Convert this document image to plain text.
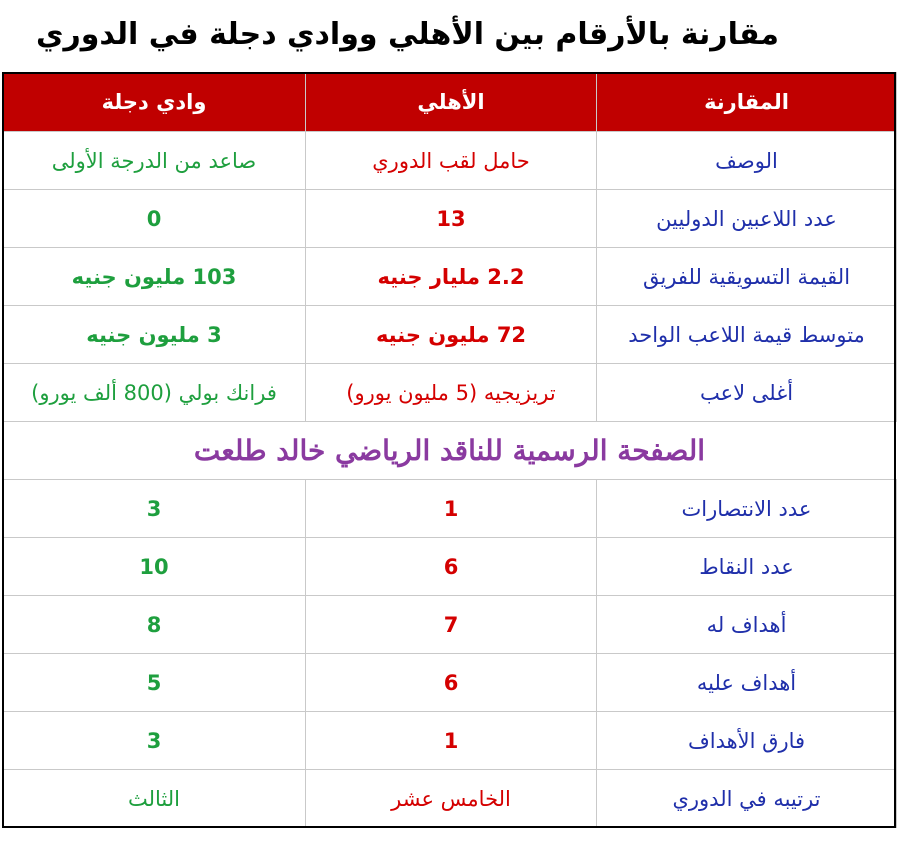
مقارنة بالأرقام بين الأهلي ووادي دجلة في الدوري
المقارنة	الأهلي	وادي دجلة
الوصف	حامل لقب الدوري	صاعد من الدرجة الأولى
عدد اللاعبين الدوليين	13	0
القيمة التسويقية للفريق	2.2 مليار جنيه	103 مليون جنيه
متوسط قيمة اللاعب الواحد	72 مليون جنيه	3 مليون جنيه
أغلى لاعب	تريزيجيه (5 مليون يورو)	فرانك بولي (800 ألف يورو)
الصفحة الرسمية للناقد الرياضي خالد طلعت		
عدد الانتصارات	1	3
عدد النقاط	6	10
أهداف له	7	8
أهداف عليه	6	5
فارق الأهداف	1	3
ترتيبه في الدوري	الخامس عشر	الثالث
